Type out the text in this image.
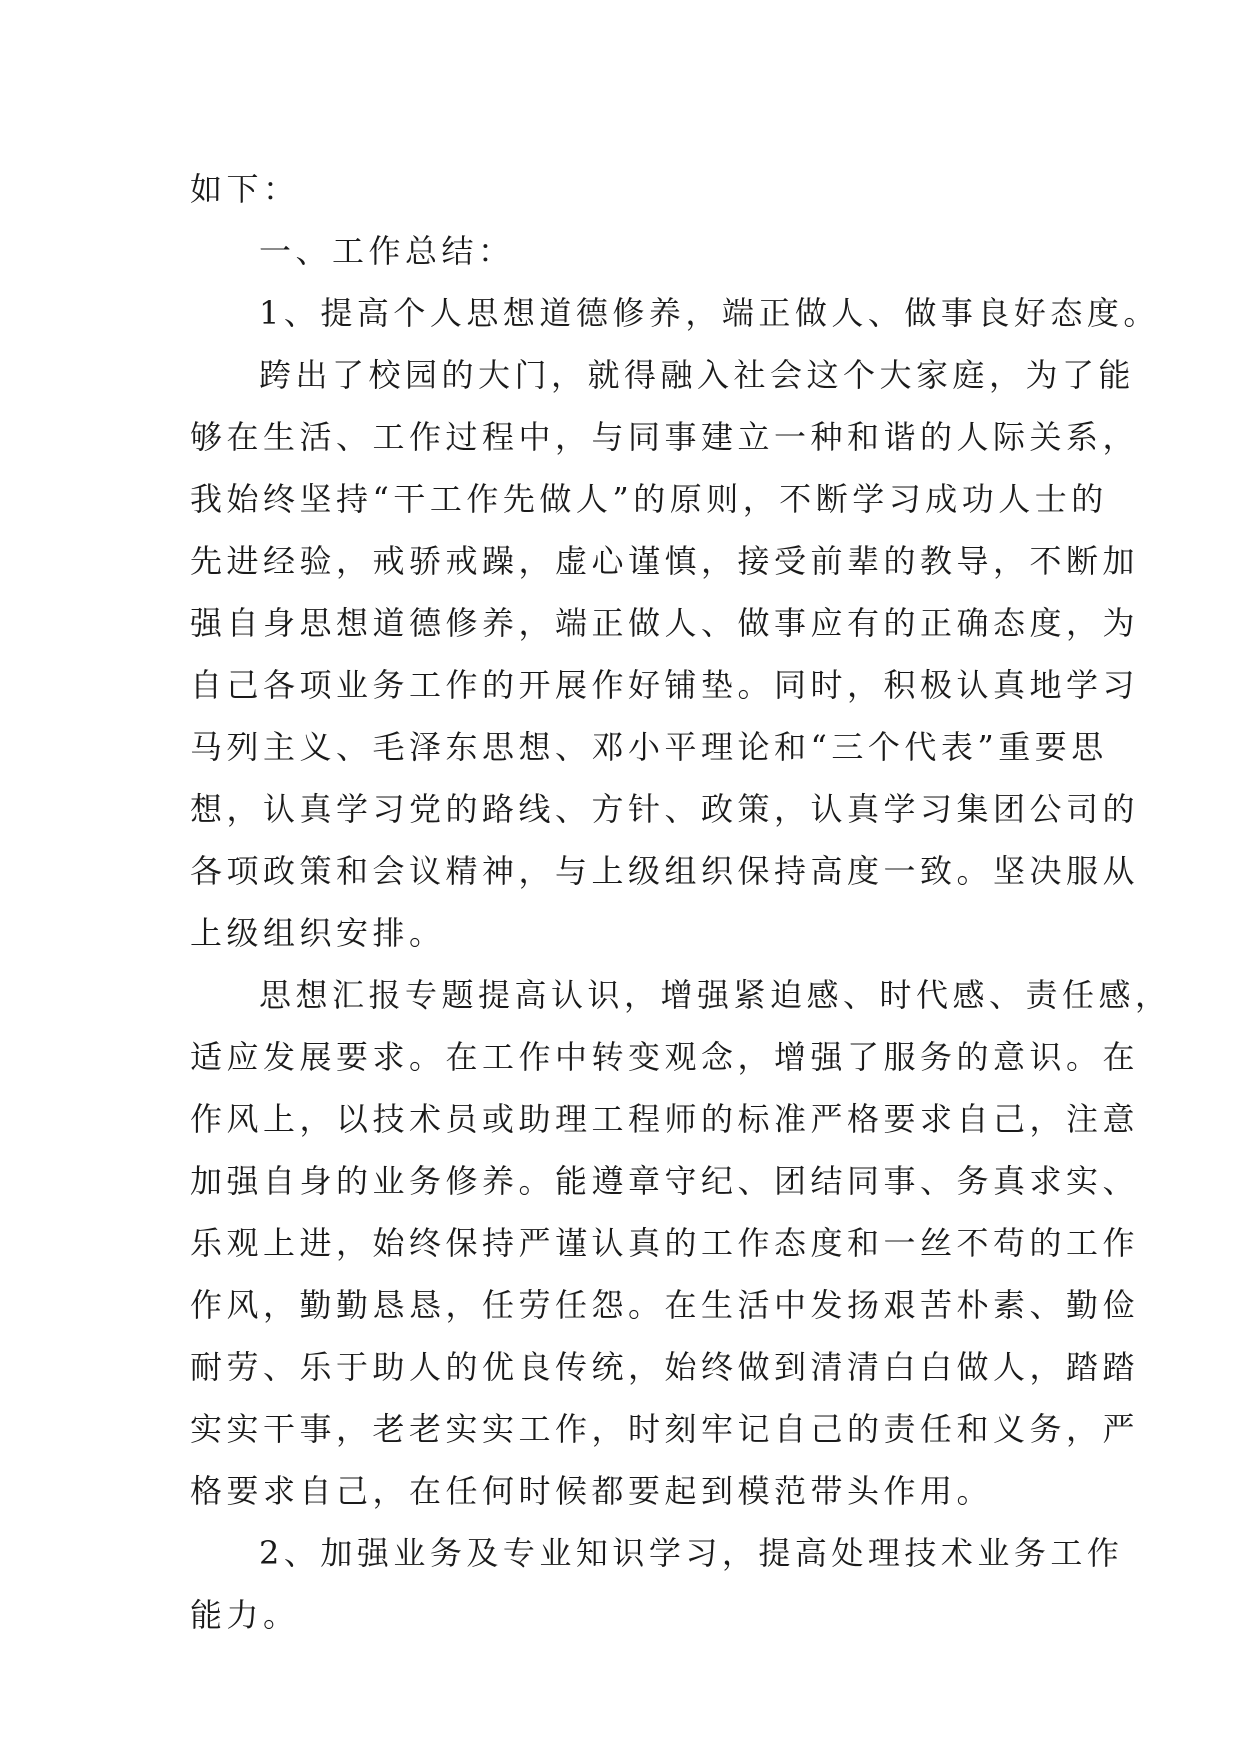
如下：
一、工作总结：
1、提高个人思想道德修养，端正做人、做事良好态度。
跨出了校园的大门，就得融入社会这个大家庭，为了能
够在生活、工作过程中，与同事建立一种和谐的人际关系，
我始终坚持“干工作先做人”的原则，不断学习成功人士的
先进经验，戒骄戒躁，虚心谨慎，接受前辈的教导，不断加
强自身思想道德修养，端正做人、做事应有的正确态度，为
自己各项业务工作的开展作好铺垫。同时，积极认真地学习
马列主义、毛泽东思想、邓小平理论和“三个代表”重要思
想，认真学习党的路线、方针、政策，认真学习集团公司的
各项政策和会议精神，与上级组织保持高度一致。坚决服从
上级组织安排。
思想汇报专题提高认识，增强紧迫感、时代感、责任感，
适应发展要求。在工作中转变观念，增强了服务的意识。在
作风上，以技术员或助理工程师的标准严格要求自己，注意
加强自身的业务修养。能遵章守纪、团结同事、务真求实、
乐观上进，始终保持严谨认真的工作态度和一丝不苟的工作
作风，勤勤恳恳，任劳任怨。在生活中发扬艰苦朴素、勤俭
耐劳、乐于助人的优良传统，始终做到清清白白做人，踏踏
实实干事，老老实实工作，时刻牢记自己的责任和义务，严
格要求自己，在任何时候都要起到模范带头作用。
2、加强业务及专业知识学习，提高处理技术业务工作
能力。
